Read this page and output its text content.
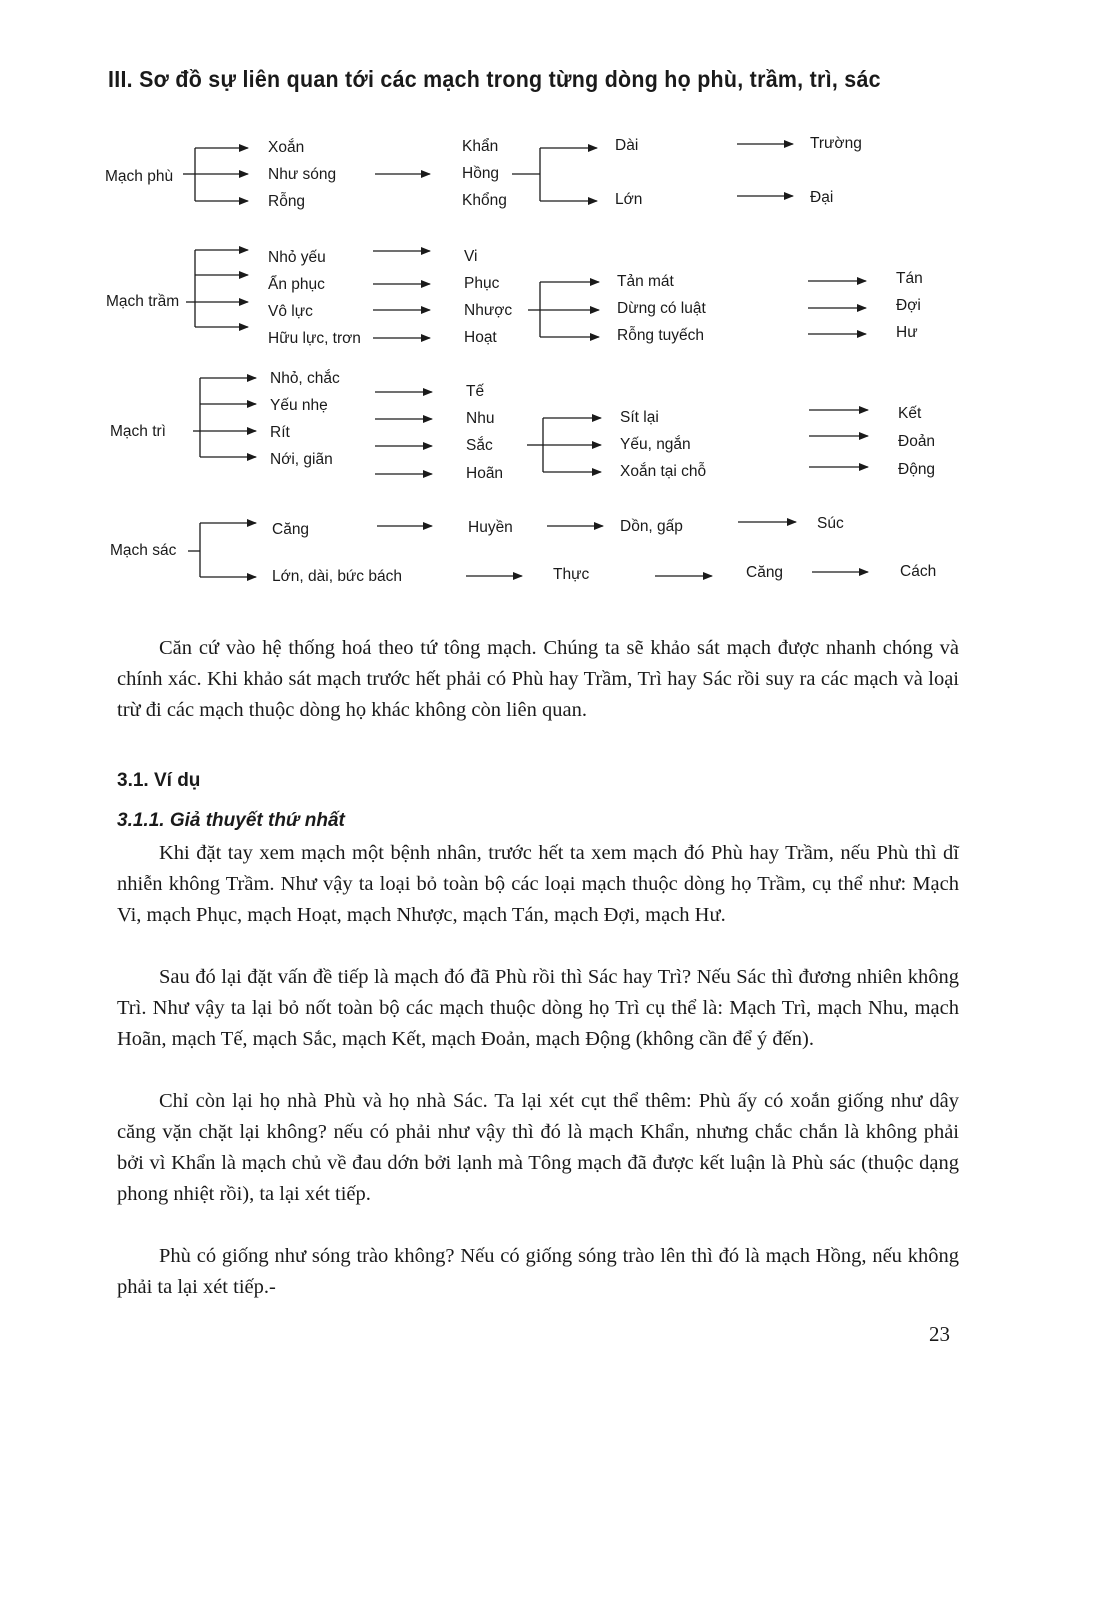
III. Sơ đồ sự liên quan tới các mạch trong từng dòng họ phù, trầm, trì, sác
Mạch phù
Xoắn
Như sóng
Rỗng
Khẩn
Hồng
Khổng
Dài
Lớn
Trường
Đại
Mạch trầm
Nhỏ yếu
Ẩn phục
Vô lực
Hữu lực, trơn
Vi
Phục
Nhược
Hoạt
Tản mát
Dừng có luật
Rỗng tuyếch
Tán
Đợi
Hư
Mạch trì
Nhỏ, chắc
Yếu nhẹ
Rít
Nới, giãn
Tế
Nhu
Sắc
Hoãn
Sít lại
Yếu, ngắn
Xoắn tại chỗ
Kết
Đoản
Động
Mạch sác
Căng	Huyền	Dồn, gấp	Súc
Lớn, dài, bức bách	Thực	Căng	Cách

Căn cứ vào hệ thống hoá theo tứ tông mạch. Chúng ta sẽ khảo sát mạch được nhanh chóng và chính xác. Khi khảo sát mạch trước hết phải có Phù hay Trầm, Trì hay Sác rồi suy ra các mạch và loại trừ đi các mạch thuộc dòng họ khác không còn liên quan.

3.1. Ví dụ

3.1.1. Giả thuyết thứ nhất

Khi đặt tay xem mạch một bệnh nhân, trước hết ta xem mạch đó Phù hay Trầm, nếu Phù thì dĩ nhiễn không Trầm. Như vậy ta loại bỏ toàn bộ các loại mạch thuộc dòng họ Trầm, cụ thể như: Mạch Vi, mạch Phục, mạch Hoạt, mạch Nhược, mạch Tán, mạch Đợi, mạch Hư.

Sau đó lại đặt vấn đề tiếp là mạch đó đã Phù rồi thì Sác hay Trì? Nếu Sác thì đương nhiên không Trì. Như vậy ta lại bỏ nốt toàn bộ các mạch thuộc dòng họ Trì cụ thể là: Mạch Trì, mạch Nhu, mạch Hoãn, mạch Tế, mạch Sắc, mạch Kết, mạch Đoản, mạch Động (không cần để ý đến).

Chỉ còn lại họ nhà Phù và họ nhà Sác. Ta lại xét cụt thể thêm: Phù ấy có xoắn giống như dây căng vặn chặt lại không? nếu có phải như vậy thì đó là mạch Khẩn, nhưng chắc chắn là không phải bởi vì Khẩn là mạch chủ về đau dớn bởi lạnh mà Tông mạch đã được kết luận là Phù sác (thuộc dạng phong nhiệt rồi), ta lại xét tiếp.

Phù có giống như sóng trào không? Nếu có giống sóng trào lên thì đó là mạch Hồng, nếu không phải ta lại xét tiếp.-

23
